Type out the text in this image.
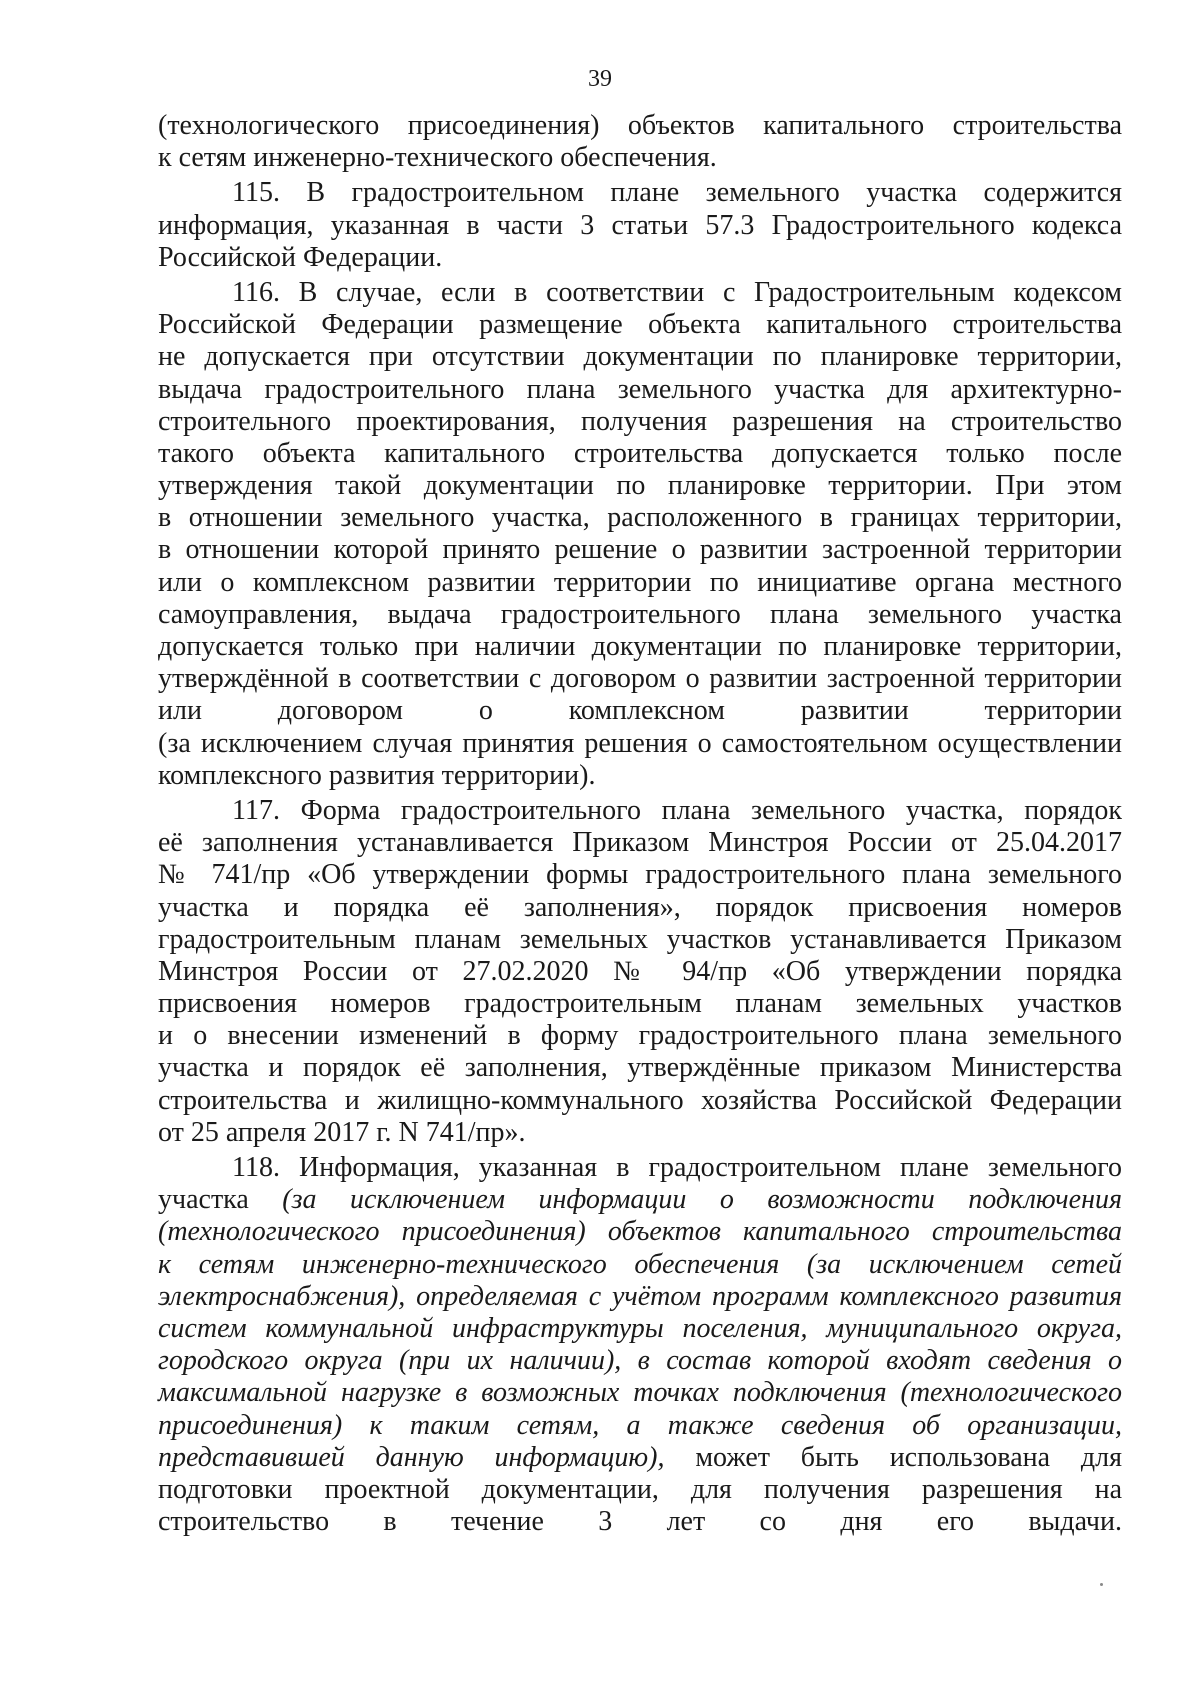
39
(технологического присоединения) объектов капитального строительства
к сетям инженерно-технического обеспечения.
115. В градостроительном плане земельного участка содержится
информация, указанная в части 3 статьи 57.3 Градостроительного кодекса
Российской Федерации.
116. В случае, если в соответствии с Градостроительным кодексом
Российской Федерации размещение объекта капитального строительства
не допускается при отсутствии документации по планировке территории,
выдача градостроительного плана земельного участка для архитектурно-
строительного проектирования, получения разрешения на строительство
такого объекта капитального строительства допускается только после
утверждения такой документации по планировке территории. При этом
в отношении земельного участка, расположенного в границах территории,
в отношении которой принято решение о развитии застроенной территории
или о комплексном развитии территории по инициативе органа местного
самоуправления, выдача градостроительного плана земельного участка
допускается только при наличии документации по планировке территории,
утверждённой в соответствии с договором о развитии застроенной территории
или договором о комплексном развитии территории
(за исключением случая принятия решения о самостоятельном осуществлении
комплексного развития территории).
117. Форма градостроительного плана земельного участка, порядок
её заполнения устанавливается Приказом Минстроя России от 25.04.2017
№ 741/пр «Об утверждении формы градостроительного плана земельного
участка и порядка её заполнения», порядок присвоения номеров
градостроительным планам земельных участков устанавливается Приказом
Минстроя России от 27.02.2020 № 94/пр «Об утверждении порядка
присвоения номеров градостроительным планам земельных участков
и о внесении изменений в форму градостроительного плана земельного
участка и порядок её заполнения, утверждённые приказом Министерства
строительства и жилищно-коммунального хозяйства Российской Федерации
от 25 апреля 2017 г. N 741/пр».
118. Информация, указанная в градостроительном плане земельного
участка (за исключением информации о возможности подключения
(технологического присоединения) объектов капитального строительства
к сетям инженерно-технического обеспечения (за исключением сетей
электроснабжения), определяемая с учётом программ комплексного развития
систем коммунальной инфраструктуры поселения, муниципального округа,
городского округа (при их наличии), в состав которой входят сведения о
максимальной нагрузке в возможных точках подключения (технологического
присоединения) к таким сетям, а также сведения об организации,
представившей данную информацию), может быть использована для
подготовки проектной документации, для получения разрешения на
строительство в течение 3 лет со дня его выдачи.
